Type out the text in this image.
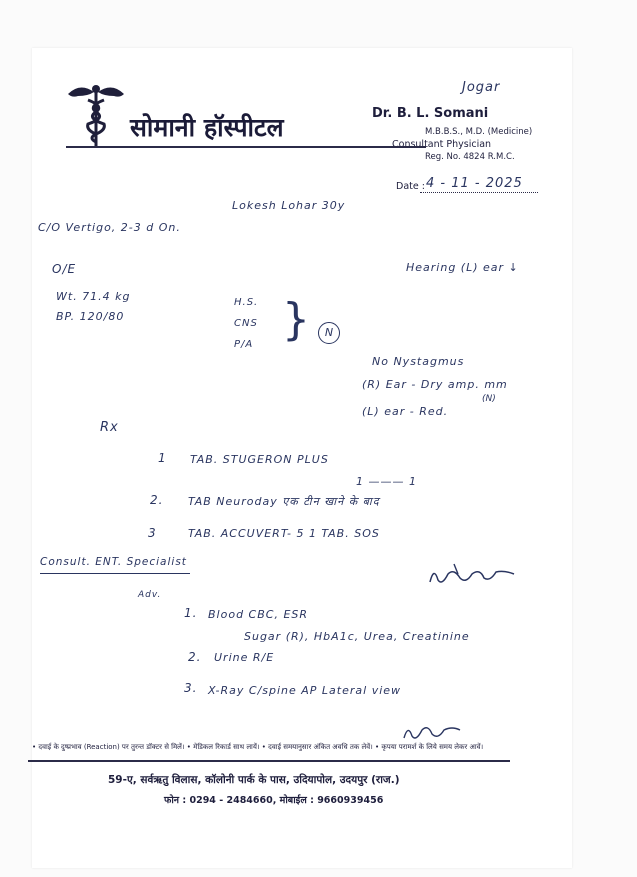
सोमानी हॉस्पीटल	Dr. B. L. Somani
M.B.B.S., M.D. (Medicine)
Consultant Physician
Reg. No. 4824 R.M.C.
Date :
Jogar
4 - 11 - 2025
Lokesh Lohar 30y
C/O Vertigo, 2-3 d On.
O/E
Wt. 71.4 kg
BP. 120/80
H.S.
CNS
P/A }	N
Hearing (L) ear ↓
No Nystagmus
(R) Ear - Dry amp. mm
(L) ear - Red.
(N)
Rx
1 TAB. STUGERON PLUS
1 ——— 1
2. TAB Neuroday एक टीन खाने के बाद
3	TAB. ACCUVERT- 5 1 TAB. SOS
Consult. ENT. Specialist
Adv.
1. Blood CBC, ESR
Sugar (R), HbA1c, Urea, Creatinine
2. Urine R/E
3. X-Ray C/spine AP Lateral view
• दवाई के दुष्प्रभाव (Reaction) पर तुरन्त डॉक्टर से मिलें। • मेडिकल रिकार्ड साथ लायें। • दवाई समयानुसार अंकित अवधि तक लेवें। • कृपया परामर्श के लिये समय लेकर आवें।
59-ए, सर्वऋतु विलास, कॉलोनी पार्क के पास, उदियापोल, उदयपुर (राज.)
फोन : 0294 - 2484660, मोबाईल : 9660939456
